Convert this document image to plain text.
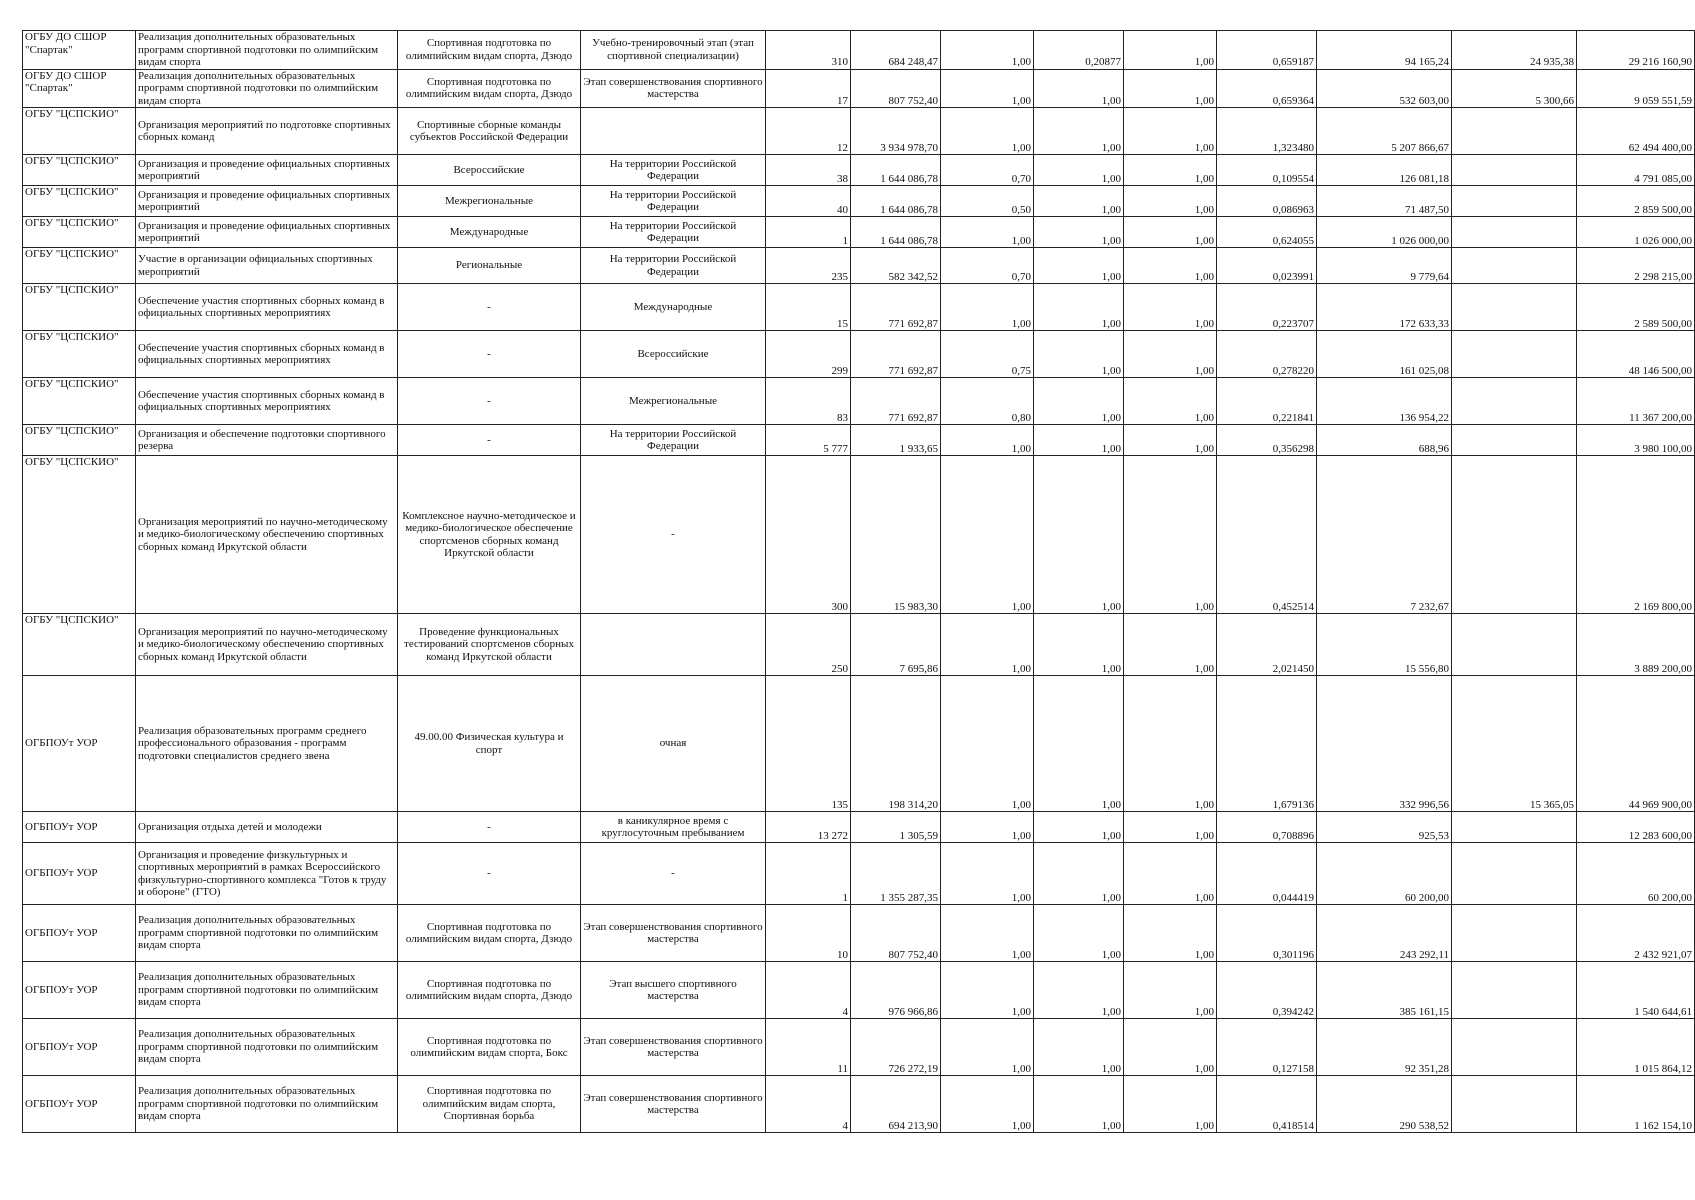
ОГБУ ДО СШОР "Спартак"	Реализация дополнительных образовательных программ спортивной подготовки по олимпийским видам спорта	Спортивная подготовка по олимпийским видам спорта, Дзюдо	Учебно-тренировочный этап (этап спортивной специализации)	310	684 248,47	1,00	0,20877	1,00	0,659187	94 165,24	24 935,38	29 216 160,90
ОГБУ ДО СШОР "Спартак"	Реализация дополнительных образовательных программ спортивной подготовки по олимпийским видам спорта	Спортивная подготовка по олимпийским видам спорта, Дзюдо	Этап совершенствования спортивного мастерства	17	807 752,40	1,00	1,00	1,00	0,659364	532 603,00	5 300,66	9 059 551,59
ОГБУ "ЦСПСКИО"	Организация мероприятий по подготовке спортивных сборных команд	Спортивные сборные команды субъектов Российской Федерации		12	3 934 978,70	1,00	1,00	1,00	1,323480	5 207 866,67		62 494 400,00
ОГБУ "ЦСПСКИО"	Организация и проведение официальных спортивных мероприятий	Всероссийские	На территории Российской Федерации	38	1 644 086,78	0,70	1,00	1,00	0,109554	126 081,18		4 791 085,00
ОГБУ "ЦСПСКИО"	Организация и проведение официальных спортивных мероприятий	Межрегиональные	На территории Российской Федерации	40	1 644 086,78	0,50	1,00	1,00	0,086963	71 487,50		2 859 500,00
ОГБУ "ЦСПСКИО"	Организация и проведение официальных спортивных мероприятий	Международные	На территории Российской Федерации	1	1 644 086,78	1,00	1,00	1,00	0,624055	1 026 000,00		1 026 000,00
ОГБУ "ЦСПСКИО"	Участие в организации официальных спортивных мероприятий	Региональные	На территории Российской Федерации	235	582 342,52	0,70	1,00	1,00	0,023991	9 779,64		2 298 215,00
ОГБУ "ЦСПСКИО"	Обеспечение участия спортивных сборных команд в официальных спортивных мероприятиях	-	Международные	15	771 692,87	1,00	1,00	1,00	0,223707	172 633,33		2 589 500,00
ОГБУ "ЦСПСКИО"	Обеспечение участия спортивных сборных команд в официальных спортивных мероприятиях	-	Всероссийские	299	771 692,87	0,75	1,00	1,00	0,278220	161 025,08		48 146 500,00
ОГБУ "ЦСПСКИО"	Обеспечение участия спортивных сборных команд в официальных спортивных мероприятиях	-	Межрегиональные	83	771 692,87	0,80	1,00	1,00	0,221841	136 954,22		11 367 200,00
ОГБУ "ЦСПСКИО"	Организация и обеспечение подготовки спортивного резерва	-	На территории Российской Федерации	5 777	1 933,65	1,00	1,00	1,00	0,356298	688,96		3 980 100,00
ОГБУ "ЦСПСКИО"	Организация мероприятий по научно-методическому и медико-биологическому обеспечению спортивных сборных команд Иркутской области	Комплексное научно-методическое и медико-биологическое обеспечение спортсменов сборных команд Иркутской области	-	300	15 983,30	1,00	1,00	1,00	0,452514	7 232,67		2 169 800,00
ОГБУ "ЦСПСКИО"	Организация мероприятий по научно-методическому и медико-биологическому обеспечению спортивных сборных команд Иркутской области	Проведение функциональных тестирований спортсменов сборных команд Иркутской области		250	7 695,86	1,00	1,00	1,00	2,021450	15 556,80		3 889 200,00
ОГБПОУт УОР	Реализация образовательных программ среднего профессионального образования - программ подготовки специалистов среднего звена	49.00.00 Физическая культура и спорт	очная	135	198 314,20	1,00	1,00	1,00	1,679136	332 996,56	15 365,05	44 969 900,00
ОГБПОУт УОР	Организация отдыха детей и молодежи	-	в каникулярное время с круглосуточным пребыванием	13 272	1 305,59	1,00	1,00	1,00	0,708896	925,53		12 283 600,00
ОГБПОУт УОР	Организация и проведение физкультурных и спортивных мероприятий в рамках Всероссийского физкультурно-спортивного комплекса "Готов к труду и обороне" (ГТО)	-	-	1	1 355 287,35	1,00	1,00	1,00	0,044419	60 200,00		60 200,00
ОГБПОУт УОР	Реализация дополнительных образовательных программ спортивной подготовки по олимпийским видам спорта	Спортивная подготовка по олимпийским видам спорта, Дзюдо	Этап совершенствования спортивного мастерства	10	807 752,40	1,00	1,00	1,00	0,301196	243 292,11		2 432 921,07
ОГБПОУт УОР	Реализация дополнительных образовательных программ спортивной подготовки по олимпийским видам спорта	Спортивная подготовка по олимпийским видам спорта, Дзюдо	Этап высшего спортивного мастерства	4	976 966,86	1,00	1,00	1,00	0,394242	385 161,15		1 540 644,61
ОГБПОУт УОР	Реализация дополнительных образовательных программ спортивной подготовки по олимпийским видам спорта	Спортивная подготовка по олимпийским видам спорта, Бокс	Этап совершенствования спортивного мастерства	11	726 272,19	1,00	1,00	1,00	0,127158	92 351,28		1 015 864,12
ОГБПОУт УОР	Реализация дополнительных образовательных программ спортивной подготовки по олимпийским видам спорта	Спортивная подготовка по олимпийским видам спорта, Спортивная борьба	Этап совершенствования спортивного мастерства	4	694 213,90	1,00	1,00	1,00	0,418514	290 538,52		1 162 154,10
